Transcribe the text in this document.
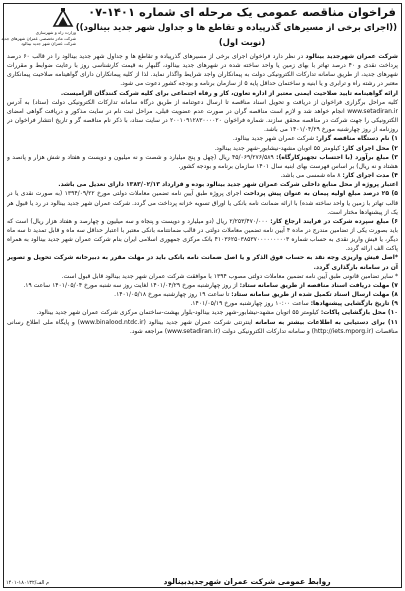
وزارت راه و شهرسازی
شرکت مادر تخصصی عمران شهرهای جدید
شرکت عمران شهر جدید بینالود
فراخوان مناقصه عمومی یک مرحله ای شماره ۱۴۰۱-۰۷
((اجرای برخی از مسیرهای گذرپیاده و تقاطع ها و جداول شهر جدید بینالود))
(نوبت اول)

شرکت عمران شهرجدید بینالود در نظر دارد فراخوان اجرای برخی از مسیرهای گذرپیاده و تقاطع ها و جداول شهر جدید بینالود را در قالب ۶۰ درصد پرداخت نقدی و ۴۰ درصد تهاتر با بهای زمین یا واحد ساخته شده در شهرهای جدید بینالود، گلبهار به قیمت کارشناسی روز با رعایت ضوابط و مقررات شهرهای جدید، از طریق سامانه تدارکات الکترونیکی دولت به پیمانکاران واجد شرایط واگذار نماید. لذا از کلیه پیمانکاران دارای گواهینامه صلاحیت پیمانکاری معتبر در رشته راه و ترابری و یا ابنیه و ساختمان حداقل پایه ۵ از سازمان برنامه و بودجه کشور دعوت می شود.

ارائه گواهینامه تایید صلاحیت ایمنی معتبر از اداره تعاون، کار و رفاه اجتماعی برای کلیه شرکت کنندگان الزامیست.

کلیه مراحل برگزاری فراخوان از دریافت و تحویل اسناد مناقصه تا ارسال دعوتنامه از طریق درگاه سامانه تدارکات الکترونیکی دولت (ستاد) به آدرس www.setadiran.ir انجام خواهد شد و لازم است مناقصه گران در صورت عدم عضویت قبلی، مراحل ثبت نام در سایت مذکور و دریافت گواهی امضای الکترونیکی را جهت شرکت در مناقصه محقق سازند. شماره فراخوان ۲۰۰۱۰۹۱۲۸۳۰۰۰۰۲۰ در سایت ستاد، با ذکر نام مناقصه گر و تاریخ انتشار فراخوان در روزنامه از روز چهارشنبه مورخ ۱۴۰۱/۰۴/۲۹ می باشد.

۱) نام دستگاه مناقصه گزار: شرکت عمران شهر جدید بینالود.

۲) محل اجرای کار: کیلومتر ۵۵ اتوبان مشهد-نیشابور-شهر جدید بینالود.

۳) مبلغ برآورد (با احتساب تجهیزکارگاه): ۴۵/۰۶۹/۲۷۶/۵۸۹ ریال (چهل و پنج میلیارد و شصت و نه میلیون و دویست و هفتاد و شش هزار و پانصد و هشتاد و نه ریال) بر اساس فهرست بهای ابنیه سال ۱۴۰۱ سازمان برنامه و بودجه کشور.

۴) مدت اجرای کار: ۸ ماه شمسی می باشد.

اعتبار پروژه از محل منابع داخلی شرکت عمران شهر جدید بینالود بوده و قرارداد ۱۳۸۳/۰۲/۱۳ دارای تعدیل می باشد.

۵) ۲۵ درصد مبلغ اولیه پیمان به عنوان پیش پرداخت اجرای پروژه طبق آیین نامه تضمین معاملات دولتی مورخ ۱۳۹۴/۰۹/۲۲ (به صورت نقدی یا در قالب تهاتر با زمین یا واحد ساخته شده) با ارائه ضمانت نامه بانکی یا اوراق تسویه خزانه پرداخت می گردد. شرکت عمران شهر جدید بینالود در رد یا قبول هر یک از پیشنهادها مختار است.

۶) مبلغ سپرده شرکت در فرایند ارجاع کار: ۲/۲۵۳/۴۷۰/۰۰۰ ریال (دو میلیارد و دویست و پنجاه و سه میلیون و چهارصد و هفتاد هزار ریال) است که باید بصورت یکی از تضامین مندرج در ماده ۴ آیین نامه تضمین معاملات دولتی در قالب ضمانتنامه بانکی معتبر با اعتبار حداقل سه ماه و قابل تمدید تا سه ماه دیگر، یا فیش واریز نقدی به حساب شماره ۴۱۰۳۶۲۵۰۳۸۵۳۷۰۰۰۰۰۰۰۰۰۳ بانک مرکزی جمهوری اسلامی ایران بنام شرکت عمران شهر جدید بینالود به همراه پاکت الف ارائه گردد.

*اصل فیش واریزی وجه نقد به حساب فوق الذکر و یا اصل ضمانت نامه بانکی باید در مهلت مقرر به دبیرخانه شرکت تحویل و تصویر آن در سامانه بارگذاری گردد.

* سایر تضامین قانونی طبق آیین نامه تضمین معاملات دولتی مصوب ۱۳۹۴ با موافقت شرکت عمران شهر جدید بینالود قابل قبول است.

۷) مهلت دریافت اسناد مناقصه از طریق سامانه ستاد: از روز چهارشنبه مورخ ۱۴۰۱/۰۴/۲۹ لغایت روز سه شنبه مورخ ۱۴۰۱/۰۵/۰۴ ساعت ۱۹.

۸) مهلت ارسال اسناد تکمیل شده از طریق سامانه ستاد: تا ساعت ۱۹ روز چهارشنبه مورخ ۱۴۰۱/۰۵/۱۸.

۹) تاریخ بازگشایی پیشنهادها: ساعت ۱۰:۰۰ روز چهارشنبه مورخ ۱۴۰۱/۰۵/۱۹.

۱۰) محل بازگشایی پاکات: کیلومتر ۵۵ اتوبان مشهد-نیشابور-شهر جدید بینالود-بلوار بهشت-ساختمان مرکزی شرکت عمران شهر جدید بینالود.

۱۱) برای دستیابی به اطلاعات بیشتر به سامانه اینترنتی شرکت عمران شهر جدید بینالود (www.binalood.ntdc.ir) و پایگاه ملی اطلاع رسانی مناقصات (http://iets.mporg.ir) و سامانه تدارکات الکترونیکی دولت (www.setadiran.ir) مراجعه شود.

روابط عمومی شرکت عمران شهرجدیدبینالود
۱۴۰۱-۱۸۰۱۳۲/م الف
